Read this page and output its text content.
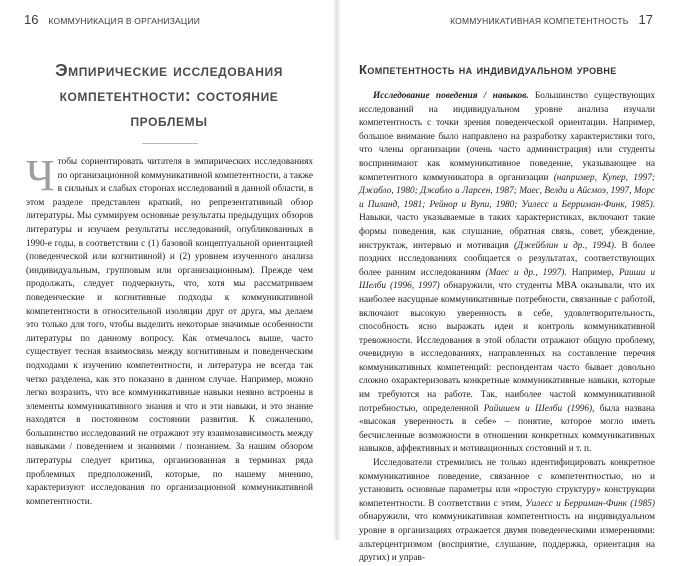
16 КОММУНИКАЦИЯ В ОРГАНИЗАЦИИ
Эмпирические исследования компетентности: состояние проблемы

Чтобы сориентировать читателя в эмпирических исследованиях по организационной коммуникативной компетентности, а также в сильных и слабых сторонах исследований в данной области, в этом разделе представлен краткий, но репрезентативный обзор литературы. Мы суммируем основные результаты предыдущих обзоров литературы и изучаем результаты исследований, опубликованных в 1990-е годы, в соответствии с (1) базовой концептуальной ориентацией (поведенческой или когнитивной) и (2) уровнем изученного анализа (индивидуальным, групповым или организационным). Прежде чем продолжать, следует подчеркнуть, что, хотя мы рассматриваем поведенческие и когнитивные подходы к коммуникативной компетентности в относительной изоляции друг от друга, мы делаем это только для того, чтобы выделить некоторые значимые особенности литературы по данному вопросу. Как отмечалось выше, часто существует тесная взаимосвязь между когнитивным и поведенческим подходами к изучению компетентности, и литература не всегда так четко разделена, как это показано в данном случае. Например, можно легко возразить, что все коммуникативные навыки неявно встроены в элементы коммуникативного знания и что и эти навыки, и это знание находятся в постоянном состоянии развития. К сожалению, большинство исследований не отражают эту взаимозависимость между навыками / поведением и знаниями / познанием. За нашим обзором литературы следует критика, организованная в терминах ряда проблемных предположений, которые, по нашему мнению, характеризуют исследования по организационной коммуникативной компетентности.

КОММУНИКАТИВНАЯ КОМПЕТЕНТНОСТЬ 17
Компетентность на индивидуальном уровне

Исследование поведения / навыков. Большинство существующих исследований на индивидуальном уровне анализа изучали компетентность с точки зрения поведенческой ориентации. Например, большое внимание было направлено на разработку характеристики того, что члены организации (очень часто администрация) или студенты воспринимают как коммуникативное поведение, указывающее на компетентного коммуникатора в организации (например, Купер, 1997; Джабло, 1980; Джабло и Ларсен, 1987; Маес, Велди и Айсмоэ, 1997, Морс и Пиланд, 1981; Рейнор и Вупи, 1980; Уилесс и Берриман-Финк, 1985). Навыки, часто указываемые в таких характеристиках, включают такие формы поведения, как слушание, обратная связь, совет, убеждение, инструктаж, интервью и мотивация (Джейблин и др., 1994). В более поздних исследованиях сообщается о результатах, соответствующих более ранним исследованиям (Маес и др., 1997). Например, Раиши и Шелби (1996, 1997) обнаружили, что студенты MBA оказывали, что их наиболее насущные коммуникативные потребности, связанные с работой, включают высокую уверенность в себе, удовлетворительность, способность ясно выражать идеи и контроль коммуникативной тревожности. Исследования в этой области отражают общую проблему, очевидную в исследованиях, направленных на составление перечня коммуникативных компетенций: респондентам часто бывает довольно сложно охарактеризовать конкретные коммуникативные навыки, которые им требуются на работе. Так, наиболее частой коммуникативной потребностью, определенной Райишем и Шелби (1996), была названа «высокая уверенность в себе» – понятие, которое могло иметь бесчисленные возможности в отношении конкретных коммуникативных навыков, аффективных и мотивационных состояний и т. п.

Исследователи стремились не только идентифицировать конкретное коммуникативное поведение, связанное с компетентностью, но и установить основные параметры или «простую структуру» конструкции компетентности. В соответствии с этим, Уилесс и Берриман-Финк (1985) обнаружили, что коммуникативная компетентность на индивидуальном уровне в организациях отражается двумя поведенческими измерениями: альтерцентризмом (восприятие, слушание, поддержка, ориентация на других) и управ-
